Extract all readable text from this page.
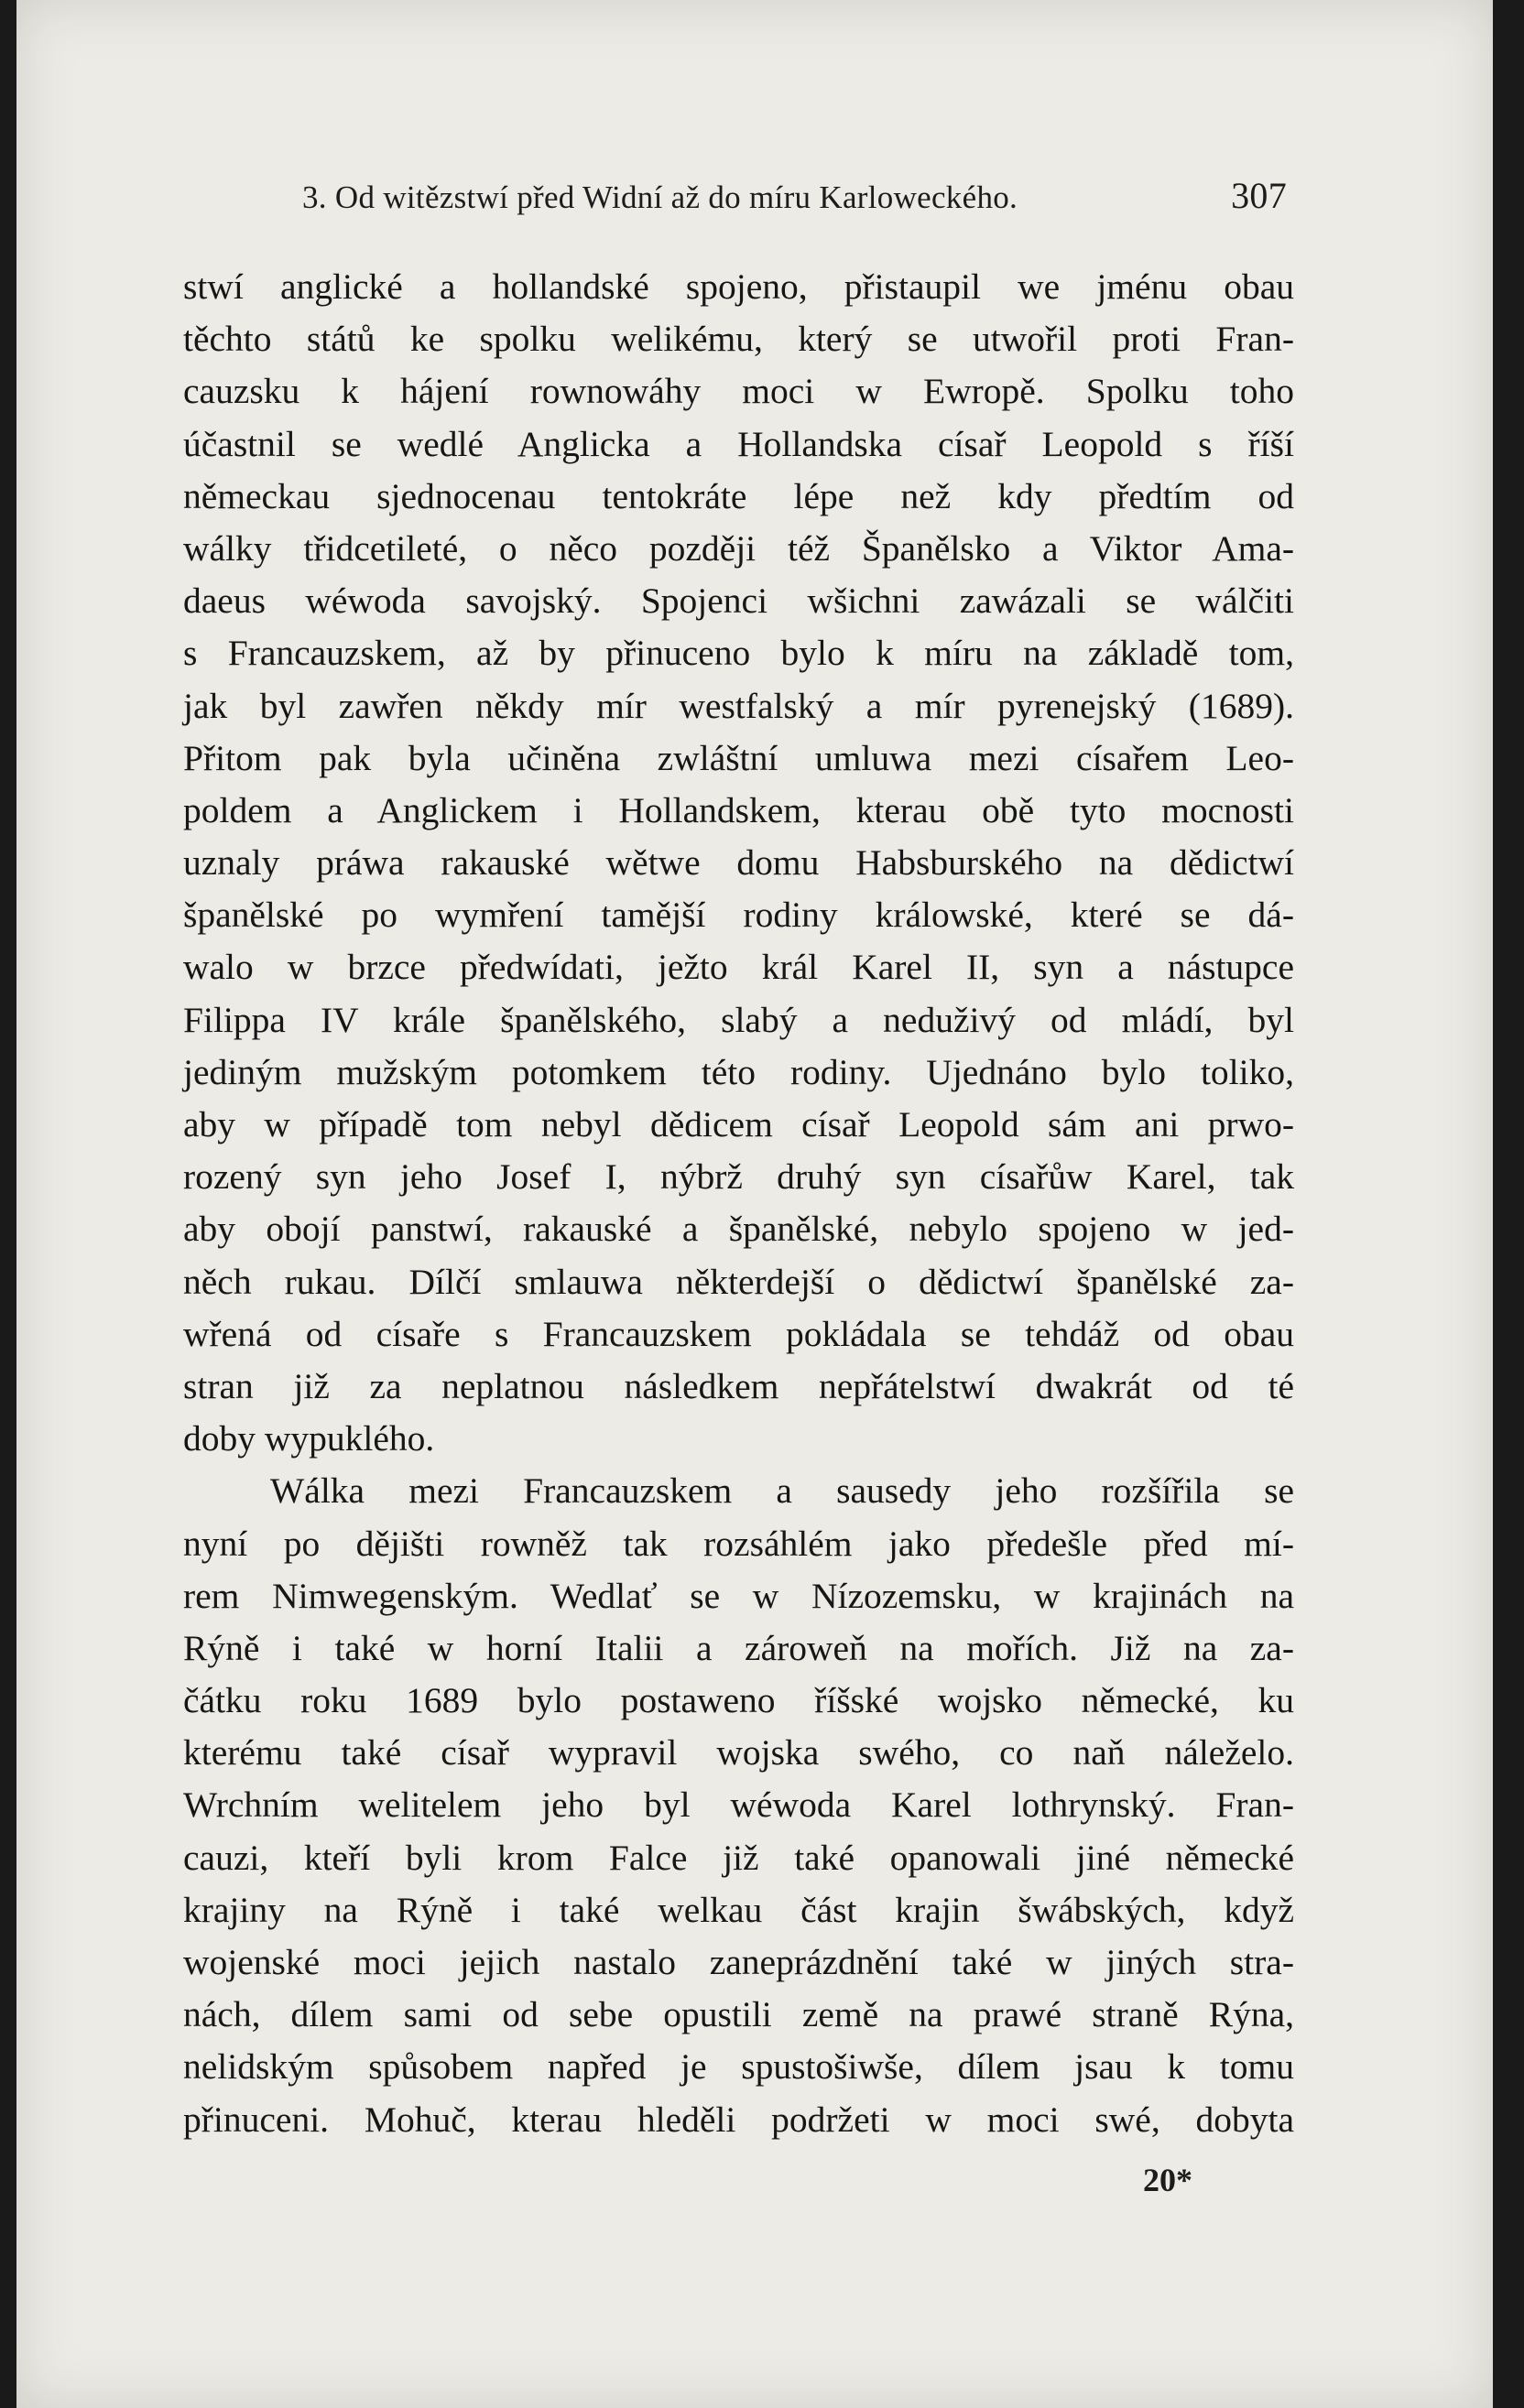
3. Od witězstwí před Widní až do míru Karloweckého.	307
stwí anglické a hollandské spojeno, přistaupil we jménu obau
těchto států ke spolku welikému, který se utwořil proti Fran-
cauzsku k hájení rownowáhy moci w Ewropě. Spolku toho
účastnil se wedlé Anglicka a Hollandska císař Leopold s říší
německau sjednocenau tentokráte lépe než kdy předtím od
wálky třidcetileté, o něco později též Španělsko a Viktor Ama-
daeus wéwoda savojský. Spojenci wšichni zawázali se wálčiti
s Francauzskem, až by přinuceno bylo k míru na základě tom,
jak byl zawřen někdy mír westfalský a mír pyrenejský (1689).
Přitom pak byla učiněna zwláštní umluwa mezi císařem Leo-
poldem a Anglickem i Hollandskem, kterau obě tyto mocnosti
uznaly práwa rakauské wětwe domu Habsburského na dědictwí
španělské po wymření tamější rodiny králowské, které se dá-
walo w brzce předwídati, ježto král Karel II, syn a nástupce
Filippa IV krále španělského, slabý a neduživý od mládí, byl
jediným mužským potomkem této rodiny. Ujednáno bylo toliko,
aby w případě tom nebyl dědicem císař Leopold sám ani prwo-
rozený syn jeho Josef I, nýbrž druhý syn císařůw Karel, tak
aby obojí panstwí, rakauské a španělské, nebylo spojeno w jed-
něch rukau. Dílčí smlauwa některdejší o dědictwí španělské za-
wřená od císaře s Francauzskem pokládala se tehdáž od obau
stran již za neplatnou následkem nepřátelstwí dwakrát od té
doby wypuklého.
Wálka mezi Francauzskem a sausedy jeho rozšířila se
nyní po dějišti rowněž tak rozsáhlém jako předešle před mí-
rem Nimwegenským. Wedlať se w Nízozemsku, w krajinách na
Rýně i také w horní Italii a zároweň na mořích. Již na za-
čátku roku 1689 bylo postaweno říšské wojsko německé, ku
kterému také císař wypravil wojska swého, co naň náleželo.
Wrchním welitelem jeho byl wéwoda Karel lothrynský. Fran-
cauzi, kteří byli krom Falce již také opanowali jiné německé
krajiny na Rýně i také welkau část krajin šwábských, když
wojenské moci jejich nastalo zaneprázdnění také w jiných stra-
nách, dílem sami od sebe opustili země na prawé straně Rýna,
nelidským spůsobem napřed je spustošiwše, dílem jsau k tomu
přinuceni. Mohuč, kterau hleděli podržeti w moci swé, dobyta
20*
